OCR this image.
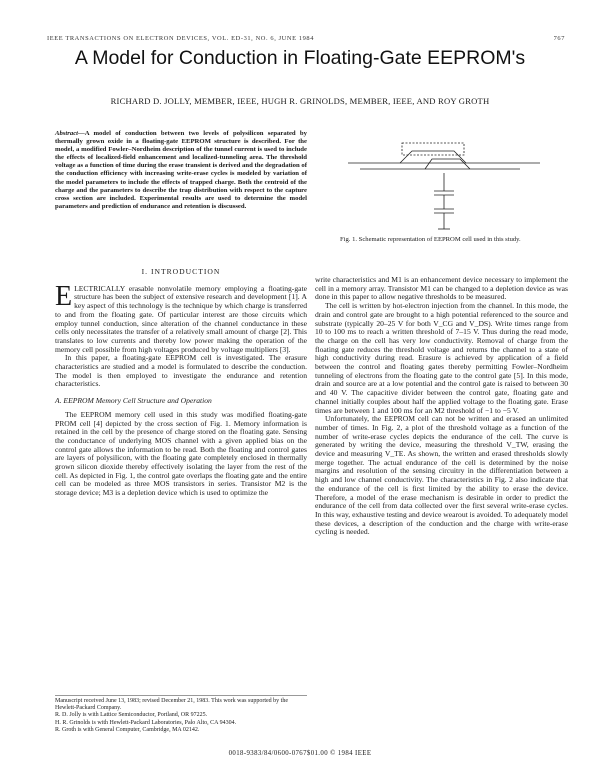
IEEE TRANSACTIONS ON ELECTRON DEVICES, VOL. ED-31, NO. 6, JUNE 1984	767
A Model for Conduction in Floating-Gate EEPROM's
RICHARD D. JOLLY, MEMBER, IEEE, HUGH R. GRINOLDS, MEMBER, IEEE, AND ROY GROTH
Abstract—A model of conduction between two levels of polysilicon separated by thermally grown oxide in a floating-gate EEPROM structure is described. For the model, a modified Fowler–Nordheim description of the tunnel current is used to include the effects of localized-field enhancement and localized-tunneling area. The threshold voltage as a function of time during the erase transient is derived and the degradation of the conduction efficiency with increasing write-erase cycles is modeled by variation of the model parameters to include the effects of trapped charge. Both the centroid of the charge and the parameters to describe the trap distribution with respect to the capture cross section are included. Experimental results are used to determine the model parameters and prediction of endurance and retention is discussed.
Fig. 1. Schematic representation of EEPROM cell used in this study.
I. INTRODUCTION

ELECTRICALLY erasable nonvolatile memory employing a floating-gate structure has been the subject of extensive research and development [1]. A key aspect of this technology is the technique by which charge is transferred to and from the floating gate. Of particular interest are those circuits which employ tunnel conduction, since alteration of the channel conductance in these cells only necessitates the transfer of a relatively small amount of charge [2]. This translates to low currents and thereby low power making the operation of the memory cell possible from high voltages produced by voltage multipliers [3].

In this paper, a floating-gate EEPROM cell is investigated. The erasure characteristics are studied and a model is formulated to describe the conduction. The model is then employed to investigate the endurance and retention characteristics.

A. EEPROM Memory Cell Structure and Operation

The EEPROM memory cell used in this study was modified floating-gate PROM cell [4] depicted by the cross section of Fig. 1. Memory information is retained in the cell by the presence of charge stored on the floating gate. Sensing the conductance of underlying MOS channel with a given applied bias on the control gate allows the information to be read. Both the floating and control gates are layers of polysilicon, with the floating gate completely enclosed in thermally grown silicon dioxide thereby effectively isolating the layer from the rest of the cell. As depicted in Fig. 1, the control gate overlaps the floating gate and the entire cell can be modeled as three MOS transistors in series. Transistor M2 is the storage device; M3 is a depletion device which is used to optimize the

write characteristics and M1 is an enhancement device necessary to implement the cell in a memory array. Transistor M1 can be changed to a depletion device as was done in this paper to allow negative thresholds to be measured.

The cell is written by hot-electron injection from the channel. In this mode, the drain and control gate are brought to a high potential referenced to the source and substrate (typically 20–25 V for both V_CG and V_DS). Write times range from 10 to 100 ms to reach a written threshold of 7–15 V. Thus during the read mode, the charge on the cell has very low conductivity. Removal of charge from the floating gate reduces the threshold voltage and returns the channel to a state of high conductivity during read. Erasure is achieved by application of a field between the control and floating gates thereby permitting Fowler–Nordheim tunneling of electrons from the floating gate to the control gate [5]. In this mode, drain and source are at a low potential and the control gate is raised to between 30 and 40 V. The capacitive divider between the control gate, floating gate and channel initially couples about half the applied voltage to the floating gate. Erase times are between 1 and 100 ms for an M2 threshold of −1 to −5 V.

Unfortunately, the EEPROM cell can not be written and erased an unlimited number of times. In Fig. 2, a plot of the threshold voltage as a function of the number of write-erase cycles depicts the endurance of the cell. The curve is generated by writing the device, measuring the threshold V_TW, erasing the device and measuring V_TE. As shown, the written and erased thresholds slowly merge together. The actual endurance of the cell is determined by the noise margins and resolution of the sensing circuitry in the differentiation between a high and low channel conductivity. The characteristics in Fig. 2 also indicate that the endurance of the cell is first limited by the ability to erase the device. Therefore, a model of the erase mechanism is desirable in order to predict the endurance of the cell from data collected over the first several write-erase cycles. In this way, exhaustive testing and device wearout is avoided. To adequately model these devices, a description of the conduction and the charge with write-erase cycling is needed.

Manuscript received June 13, 1983; revised December 21, 1983. This work was supported by the Hewlett-Packard Company.
R. D. Jolly is with Lattice Semiconductor, Portland, OR 97225.
H. R. Grinolds is with Hewlett-Packard Laboratories, Palo Alto, CA 94304.
R. Groth is with General Computer, Cambridge, MA 02142.
0018-9383/84/0600-0767$01.00 © 1984 IEEE
